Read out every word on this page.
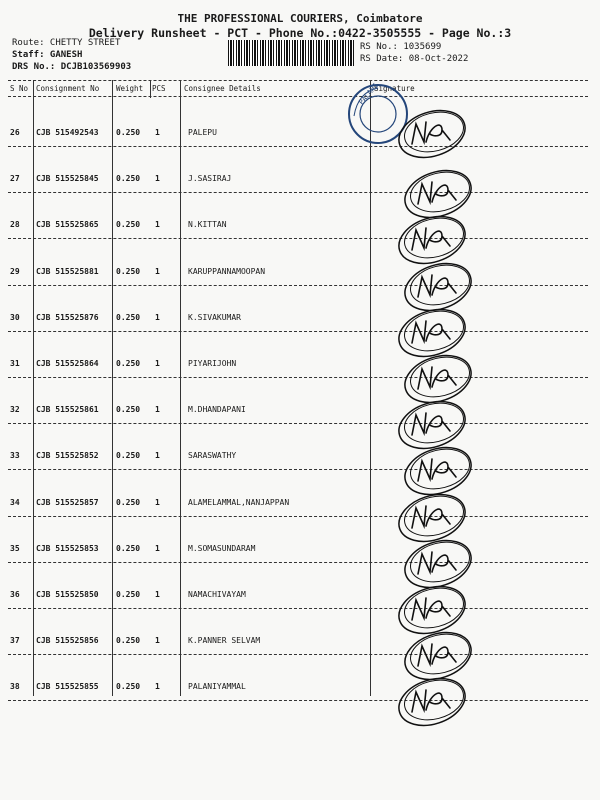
THE PROFESSIONAL COURIERS, Coimbatore
Delivery Runsheet - PCT - Phone No.:0422-3505555 - Page No.:3
Route: CHETTY STREET
Staff: GANESH
DRS No.: DCJB103569903
RS No.: 1035699
RS Date: 08-Oct-2022
S No Consignment No Weight PCS Consignee Details	Signature
PALANI
26 CJB 515492543 0.250 1	PALEPU
27 CJB 515525845 0.250 1	J.SASIRAJ
28 CJB 515525865 0.250 1	N.KITTAN
29 CJB 515525881 0.250 1	KARUPPANNAMOOPAN
30 CJB 515525876 0.250 1	K.SIVAKUMAR
31 CJB 515525864 0.250 1	PIYARIJOHN
32 CJB 515525861 0.250 1	M.DHANDAPANI
33 CJB 515525852 0.250 1	SARASWATHY
34 CJB 515525857 0.250 1	ALAMELAMMAL,NANJAPPAN
35 CJB 515525853 0.250 1	M.SOMASUNDARAM
36 CJB 515525850 0.250 1	NAMACHIVAYAM
37 CJB 515525856 0.250 1	K.PANNER SELVAM
38 CJB 515525855 0.250 1	PALANIYAMMAL
